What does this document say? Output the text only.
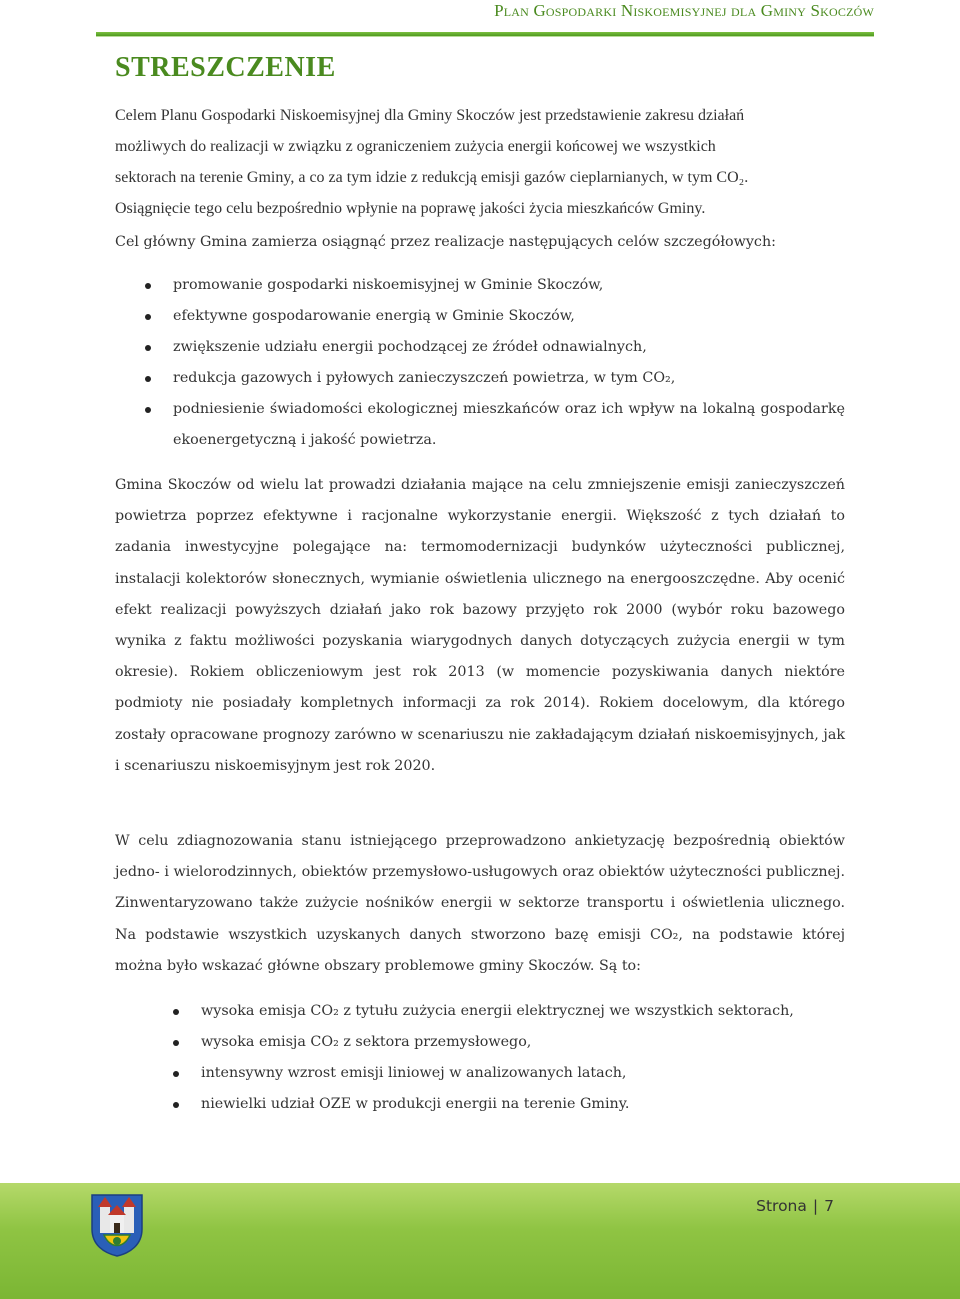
Plan Gospodarki Niskoemisyjnej dla Gminy Skoczów
STRESZCZENIE

Celem Planu Gospodarki Niskoemisyjnej dla Gminy Skoczów jest przedstawienie zakresu działań
możliwych do realizacji w związku z ograniczeniem zużycia energii końcowej we wszystkich
sektorach na terenie Gminy, a co za tym idzie z redukcją emisji gazów cieplarnianych, w tym CO₂.
Osiągnięcie tego celu bezpośrednio wpłynie na poprawę jakości życia mieszkańców Gminy.

Cel główny Gmina zamierza osiągnąć przez realizacje następujących celów szczegółowych:

promowanie gospodarki niskoemisyjnej w Gminie Skoczów,
efektywne gospodarowanie energią w Gminie Skoczów,
zwiększenie udziału energii pochodzącej ze źródeł odnawialnych,
redukcja gazowych i pyłowych zanieczyszczeń powietrza, w tym CO₂,
podniesienie świadomości ekologicznej mieszkańców oraz ich wpływ na lokalną gospodarkę ekoenergetyczną i jakość powietrza.

Gmina Skoczów od wielu lat prowadzi działania mające na celu zmniejszenie emisji zanieczyszczeń powietrza poprzez efektywne i racjonalne wykorzystanie energii. Większość z tych działań to zadania inwestycyjne polegające na: termomodernizacji budynków użyteczności publicznej, instalacji kolektorów słonecznych, wymianie oświetlenia ulicznego na energooszczędne. Aby ocenić efekt realizacji powyższych działań jako rok bazowy przyjęto rok 2000 (wybór roku bazowego wynika z faktu możliwości pozyskania wiarygodnych danych dotyczących zużycia energii w tym okresie). Rokiem obliczeniowym jest rok 2013 (w momencie pozyskiwania danych niektóre podmioty nie posiadały kompletnych informacji za rok 2014). Rokiem docelowym, dla którego zostały opracowane prognozy zarówno w scenariuszu nie zakładającym działań niskoemisyjnych, jak i scenariuszu niskoemisyjnym jest rok 2020.

W celu zdiagnozowania stanu istniejącego przeprowadzono ankietyzację bezpośrednią obiektów jedno- i wielorodzinnych, obiektów przemysłowo-usługowych oraz obiektów użyteczności publicznej. Zinwentaryzowano także zużycie nośników energii w sektorze transportu i oświetlenia ulicznego. Na podstawie wszystkich uzyskanych danych stworzono bazę emisji CO₂, na podstawie której można było wskazać główne obszary problemowe gminy Skoczów. Są to:

wysoka emisja CO₂ z tytułu zużycia energii elektrycznej we wszystkich sektorach,
wysoka emisja CO₂ z sektora przemysłowego,
intensywny wzrost emisji liniowej w analizowanych latach,
niewielki udział OZE w produkcji energii na terenie Gminy.
Strona | 7
